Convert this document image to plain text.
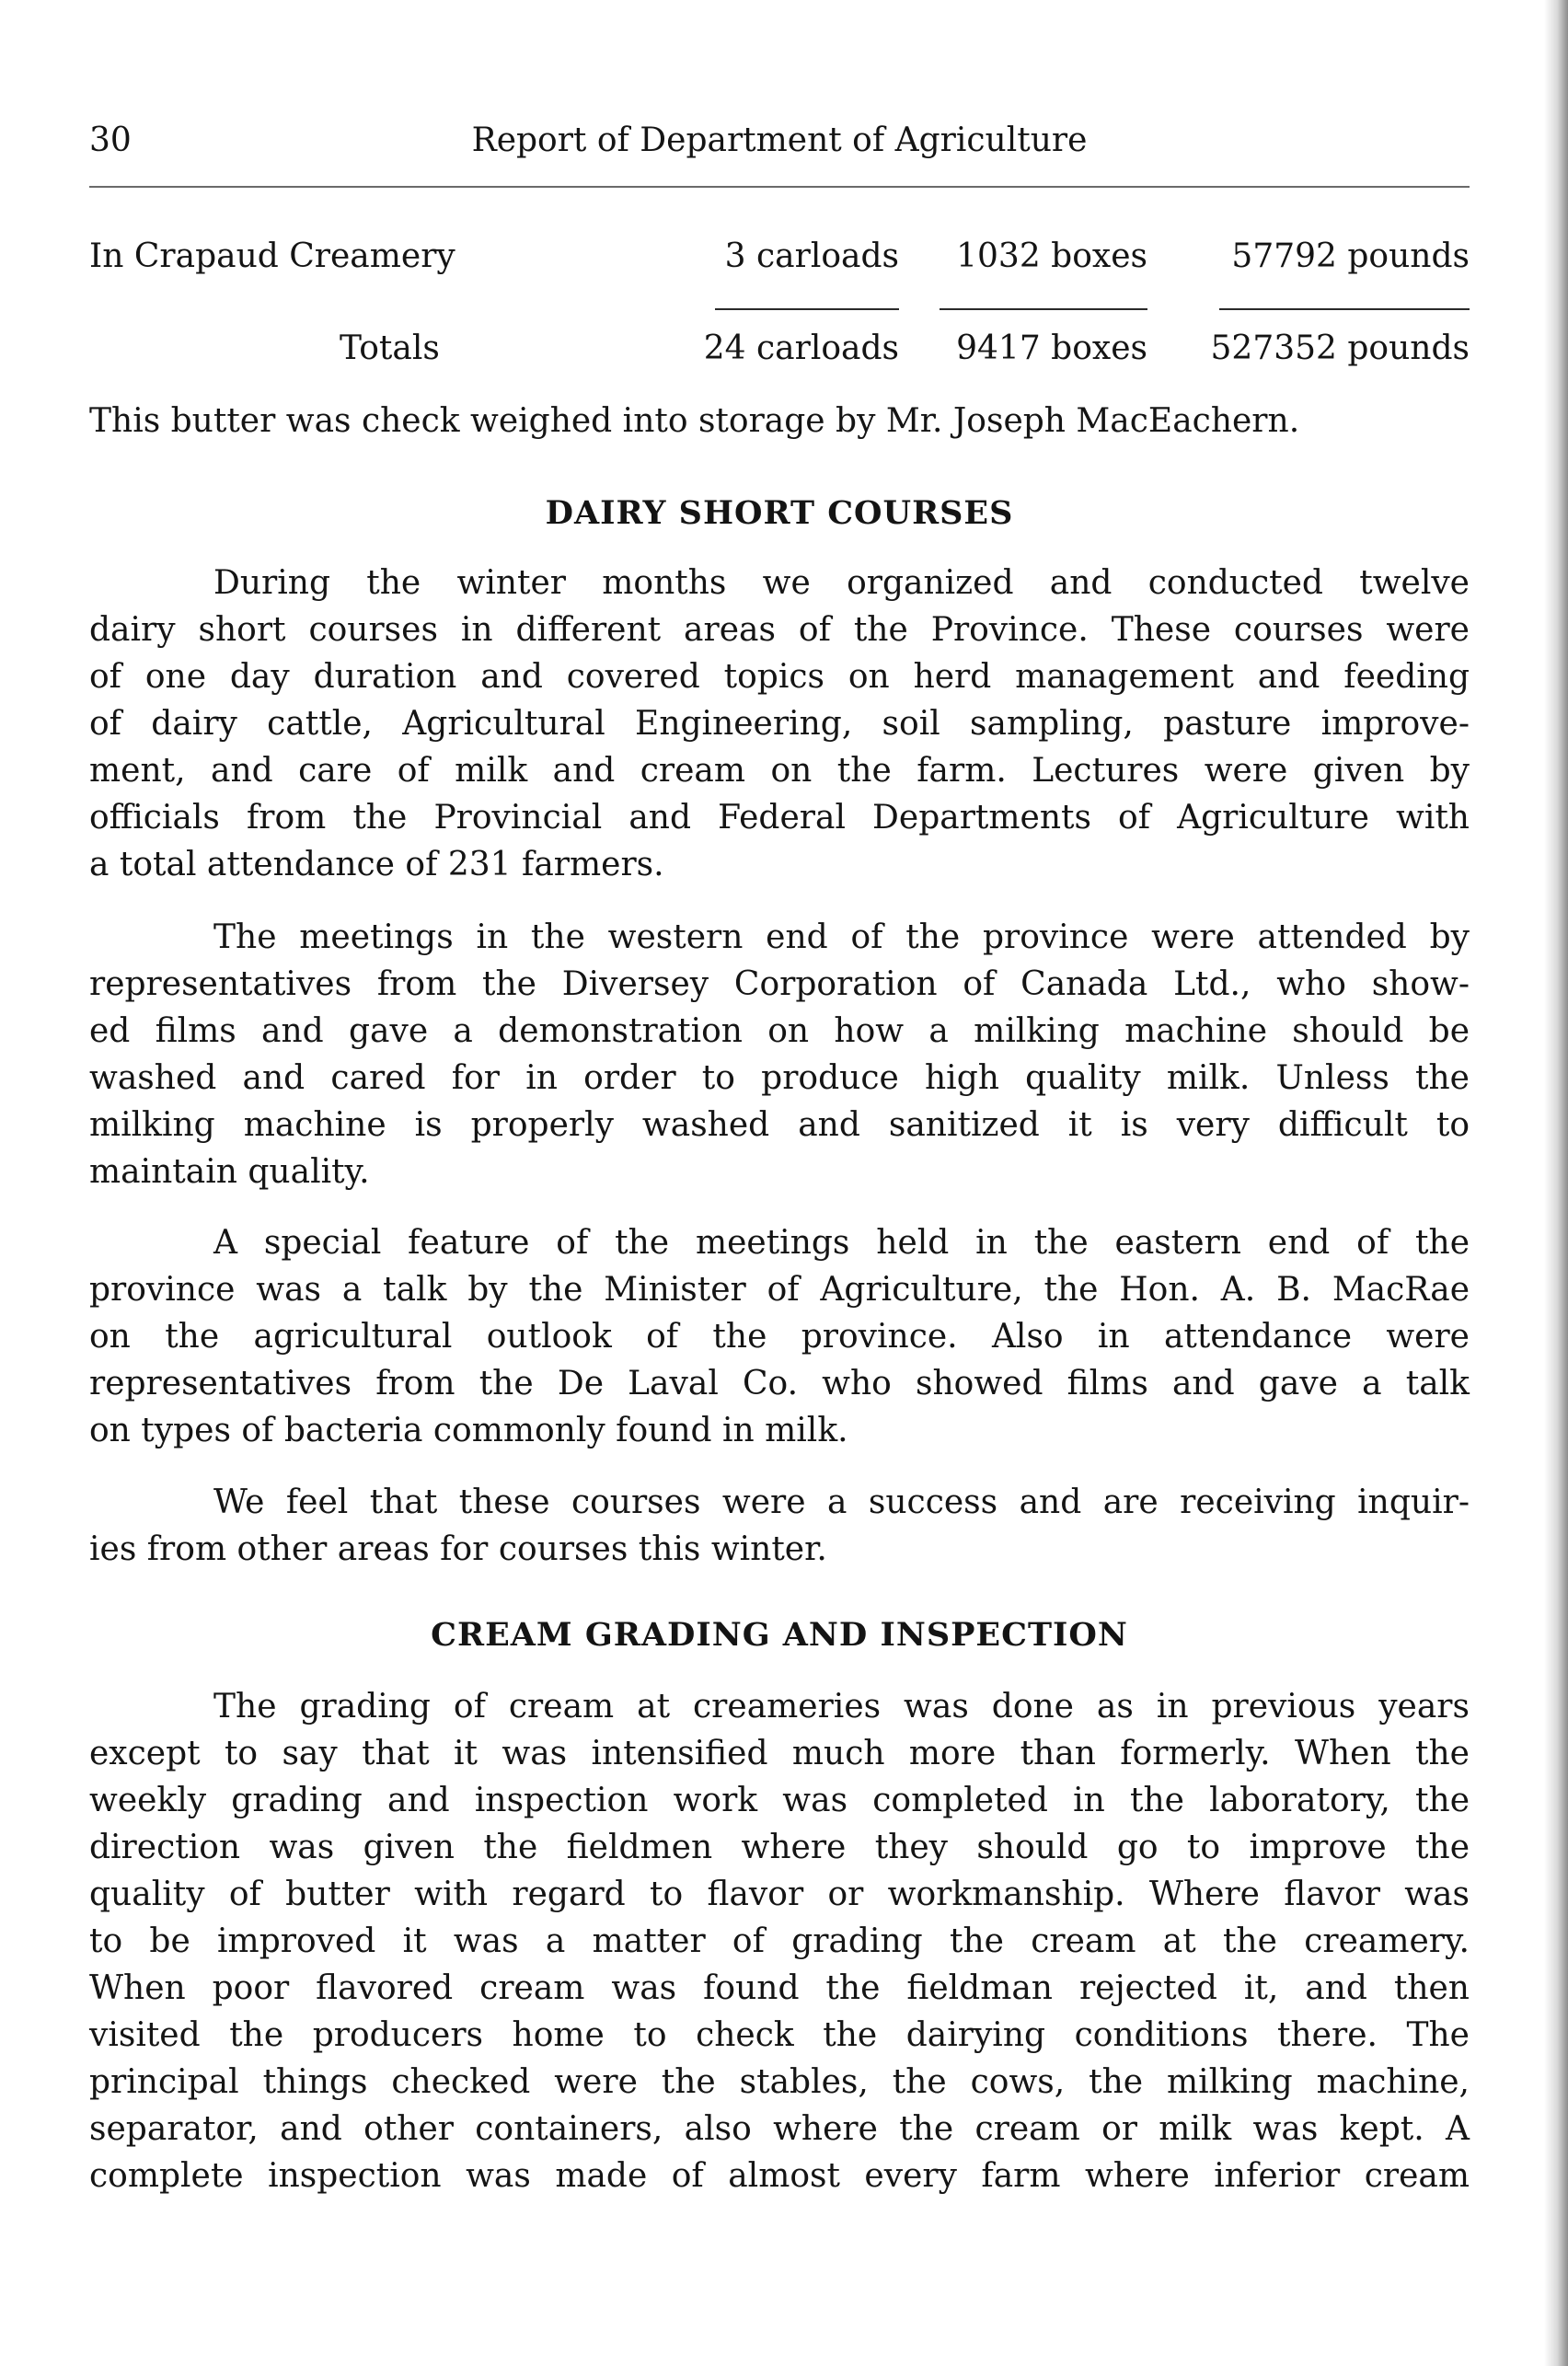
30	Report of Department of Agriculture
In Crapaud Creamery	3 carloads 1032 boxes	57792 pounds
Totals	24 carloads 9417 boxes 527352 pounds
This butter was check weighed into storage by Mr. Joseph MacEachern.
DAIRY SHORT COURSES
During the winter months we organized and conducted twelve
dairy short courses in different areas of the Province. These courses were
of one day duration and covered topics on herd management and feeding
of dairy cattle, Agricultural Engineering, soil sampling, pasture improve-
ment, and care of milk and cream on the farm. Lectures were given by
officials from the Provincial and Federal Departments of Agriculture with
a total attendance of 231 farmers.
The meetings in the western end of the province were attended by
representatives from the Diversey Corporation of Canada Ltd., who show-
ed films and gave a demonstration on how a milking machine should be
washed and cared for in order to produce high quality milk. Unless the
milking machine is properly washed and sanitized it is very difficult to
maintain quality.
A special feature of the meetings held in the eastern end of the
province was a talk by the Minister of Agriculture, the Hon. A. B. MacRae
on the agricultural outlook of the province. Also in attendance were
representatives from the De Laval Co. who showed films and gave a talk
on types of bacteria commonly found in milk.
We feel that these courses were a success and are receiving inquir-
ies from other areas for courses this winter.
CREAM GRADING AND INSPECTION
The grading of cream at creameries was done as in previous years
except to say that it was intensified much more than formerly. When the
weekly grading and inspection work was completed in the laboratory, the
direction was given the fieldmen where they should go to improve the
quality of butter with regard to flavor or workmanship. Where flavor was
to be improved it was a matter of grading the cream at the creamery.
When poor flavored cream was found the fieldman rejected it, and then
visited the producers home to check the dairying conditions there. The
principal things checked were the stables, the cows, the milking machine,
separator, and other containers, also where the cream or milk was kept. A
complete inspection was made of almost every farm where inferior cream
